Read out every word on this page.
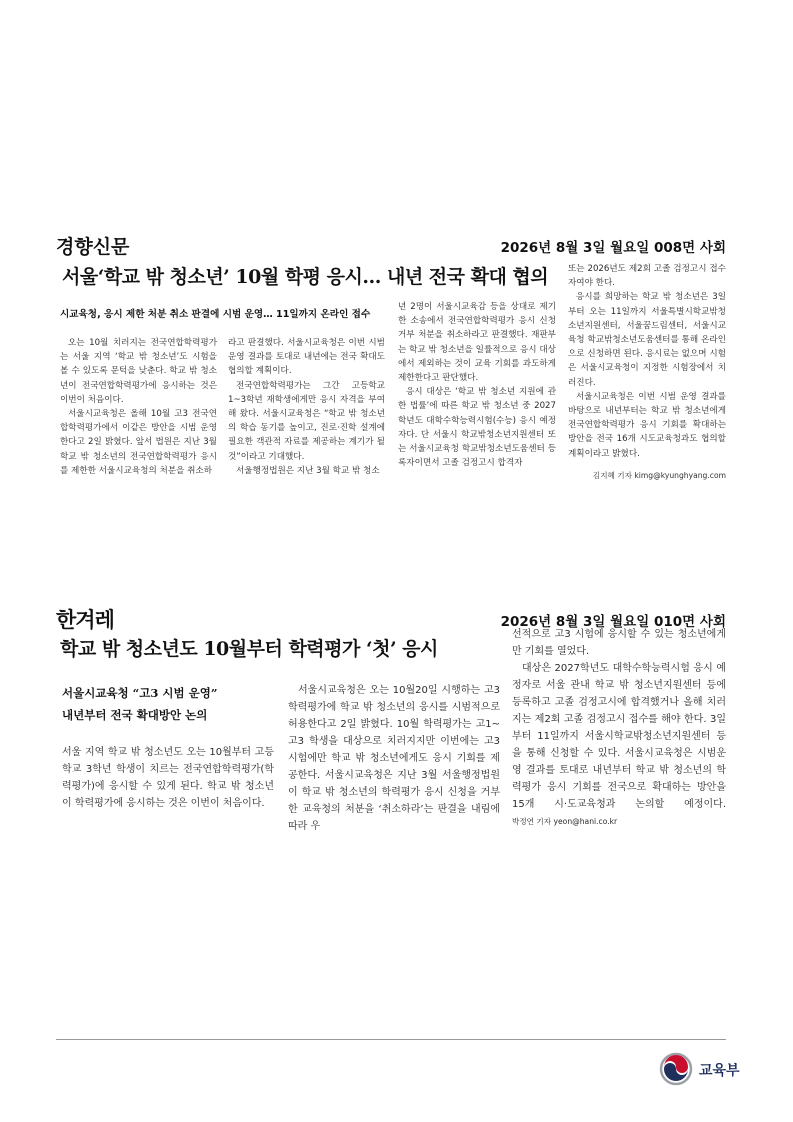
경향신문	2026년 8월 3일 월요일 008면 사회
서울‘학교 밖 청소년’ 10월 학평 응시… 내년 전국 확대 협의
시교육청, 응시 제한 처분 취소 판결에 시범 운영… 11일까지 온라인 접수

오는 10월 치러지는 전국연합학력평가는 서울 지역 ‘학교 밖 청소년’도 시험을 볼 수 있도록 문턱을 낮춘다. 학교 밖 청소년이 전국연합학력평가에 응시하는 것은 이번이 처음이다.

서울시교육청은 올해 10월 고3 전국연합학력평가에서 이같은 방안을 시범 운영한다고 2일 밝혔다. 앞서 법원은 지난 3월 학교 밖 청소년의 전국연합학력평가 응시를 제한한 서울시교육청의 처분을 취소하

라고 판결했다. 서울시교육청은 이번 시범 운영 결과를 토대로 내년에는 전국 확대도 협의할 계획이다.

전국연합학력평가는 그간 고등학교 1~3학년 재학생에게만 응시 자격을 부여해 왔다. 서울시교육청은 “학교 밖 청소년의 학습 동기를 높이고, 진로·진학 설계에 필요한 객관적 자료를 제공하는 계기가 될 것”이라고 기대했다.

서울행정법원은 지난 3월 학교 밖 청소

년 2명이 서울시교육감 등을 상대로 제기한 소송에서 전국연합학력평가 응시 신청 거부 처분을 취소하라고 판결했다. 재판부는 학교 밖 청소년을 일률적으로 응시 대상에서 제외하는 것이 교육 기회를 과도하게 제한한다고 판단했다.

응시 대상은 ‘학교 밖 청소년 지원에 관한 법률’에 따른 학교 밖 청소년 중 2027학년도 대학수학능력시험(수능) 응시 예정자다. 단 서울시 학교밖청소년지원센터 또는 서울시교육청 학교밖청소년도움센터 등록자이면서 고졸 검정고시 합격자

또는 2026년도 제2회 고졸 검정고시 접수자여야 한다.

응시를 희망하는 학교 밖 청소년은 3일부터 오는 11일까지 서울특별시학교밖청소년지원센터, 서울꿈드림센터, 서울시교육청 학교밖청소년도움센터를 통해 온라인으로 신청하면 된다. 응시료는 없으며 시험은 서울시교육청이 지정한 시험장에서 치러진다.

서울시교육청은 이번 시범 운영 결과를 바탕으로 내년부터는 학교 밖 청소년에게 전국연합학력평가 응시 기회를 확대하는 방안을 전국 16개 시도교육청과도 협의할 계획이라고 밝혔다.

김지혜 기자 kimg@kyunghyang.com
한겨레	2026년 8월 3일 월요일 010면 사회
학교 밖 청소년도 10월부터 학력평가 ‘첫’ 응시
서울시교육청 “고3 시범 운영”
내년부터 전국 확대방안 논의

서울 지역 학교 밖 청소년도 오는 10월부터 고등학교 3학년 학생이 치르는 전국연합학력평가(학력평가)에 응시할 수 있게 된다. 학교 밖 청소년이 학력평가에 응시하는 것은 이번이 처음이다.

서울시교육청은 오는 10월20일 시행하는 고3 학력평가에 학교 밖 청소년의 응시를 시범적으로 허용한다고 2일 밝혔다. 10월 학력평가는 고1~고3 학생을 대상으로 치러지지만 이번에는 고3 시험에만 학교 밖 청소년에게도 응시 기회를 제공한다. 서울시교육청은 지난 3월 서울행정법원이 학교 밖 청소년의 학력평가 응시 신청을 거부한 교육청의 처분을 ‘취소하라’는 판결을 내림에 따라 우

선적으로 고3 시험에 응시할 수 있는 청소년에게만 기회를 열었다.

대상은 2027학년도 대학수학능력시험 응시 예정자로 서울 관내 학교 밖 청소년지원센터 등에 등록하고 고졸 검정고시에 합격했거나 올해 치러지는 제2회 고졸 검정고시 접수를 해야 한다. 3일부터 11일까지 서울시학교밖청소년지원센터 등을 통해 신청할 수 있다. 서울시교육청은 시범운영 결과를 토대로 내년부터 학교 밖 청소년의 학력평가 응시 기회를 전국으로 확대하는 방안을 15개 시·도교육청과 논의할 예정이다. 박정연 기자 yeon@hani.co.kr

교육부
